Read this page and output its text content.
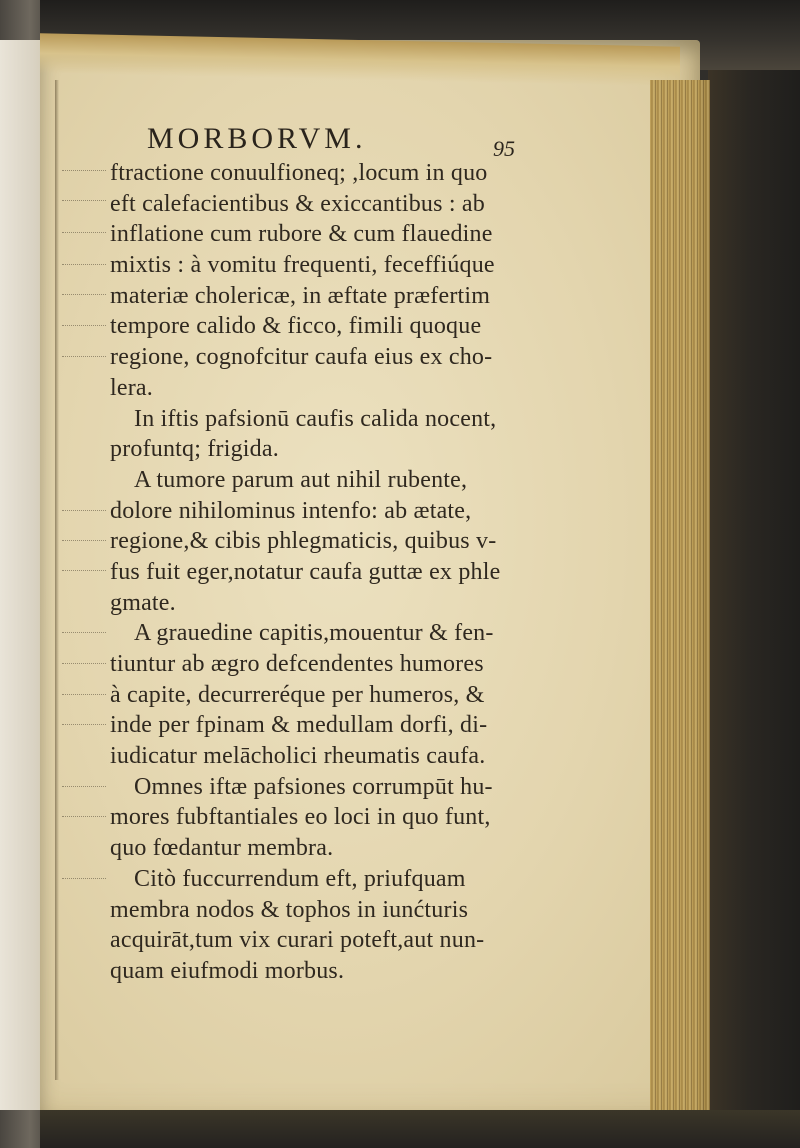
MORBORVM.	95
ftractione conuulfioneq; ,locum in quo
eft calefacientibus & exiccantibus : ab
inflatione cum rubore & cum flauedine
mixtis : à vomitu frequenti, feceffiúque
materiæ cholericæ, in æftate præfertim
tempore calido & ficco, fimili quoque
regione, cognofcitur caufa eius ex cho-
lera.
In iftis pafsionū caufis calida nocent,
profuntq; frigida.
A tumore parum aut nihil rubente,
dolore nihilominus intenfo: ab ætate,
regione,& cibis phlegmaticis, quibus v-
fus fuit eger,notatur caufa guttæ ex phle
gmate.
A grauedine capitis,mouentur & fen-
tiuntur ab ægro defcendentes humores
à capite, decurreréque per humeros, &
inde per fpinam & medullam dorfi, di-
iudicatur melācholici rheumatis caufa.
Omnes iftæ pafsiones corrumpūt hu-
mores fubftantiales eo loci in quo funt,
quo fœdantur membra.
Citò fuccurrendum eft, priufquam
membra nodos & tophos in iunćturis
acquirāt,tum vix curari poteft,aut nun-
quam eiufmodi morbus.
